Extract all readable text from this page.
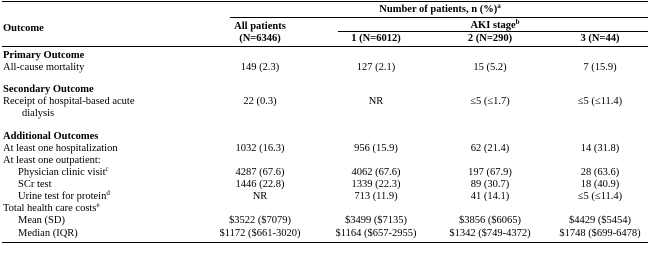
Number of patients, n (%)$^a$
Outcome	All patients
(N=6346)
AKI stage$^b$
1 (N=6012)	2 (N=290)	3 (N=44)
Primary Outcome
All-cause mortality	149 (2.3)	127 (2.1)	15 (5.2)	7 (15.9)
Secondary Outcome
Receipt of hospital-based acute
dialysis
22 (0.3)	NR	≤5 (≤1.7)	≤5 (≤11.4)
Additional Outcomes
At least one hospitalization	1032 (16.3)	956 (15.9)	62 (21.4)	14 (31.8)
At least one outpatient:
Physician clinic visit$^c$	4287 (67.6)	4062 (67.6)	197 (67.9)	28 (63.6)
SCr test	1446 (22.8)	1339 (22.3)	89 (30.7)	18 (40.9)
Urine test for protein$^d$	NR	713 (11.9)	41 (14.1)	≤5 (≤11.4)
Total health care costs$^e$
Mean (SD)	$3522 ($7079)	$3499 ($7135)	$3856 ($6065)	$4429 ($5454)
Median (IQR)	$1172 ($661-3020)	$1164 ($657-2955)	$1342 ($749-4372)	$1748 ($699-6478)
